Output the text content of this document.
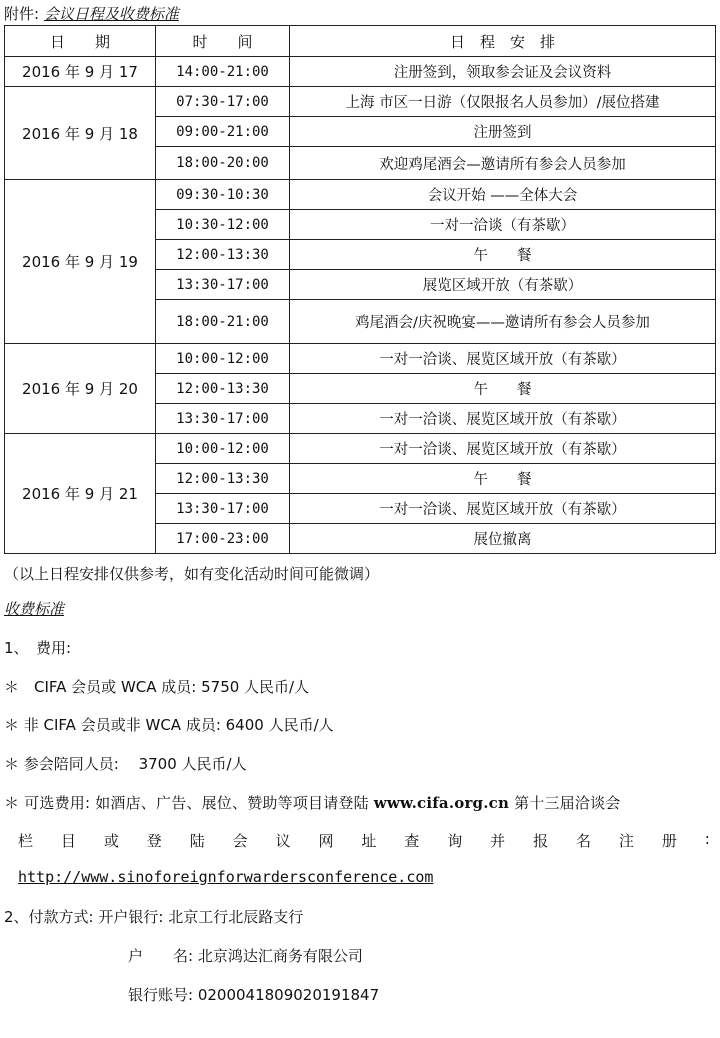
附件: 会议日程及收费标准
日　　期	时　　间	日　程　安　排
2016 年 9 月 17	14:00-21:00	注册签到，领取参会证及会议资料
2016 年 9 月 18	07:30-17:00	上海 市区一日游（仅限报名人员参加）/展位搭建
	09:00-21:00	注册签到
	18:00-20:00	欢迎鸡尾酒会—邀请所有参会人员参加
2016 年 9 月 19	09:30-10:30	会议开始 ——全体大会
	10:30-12:00	一对一洽谈（有茶歇）
	12:00-13:30	午　　餐
	13:30-17:00	展览区域开放（有茶歇）
	18:00-21:00	鸡尾酒会/庆祝晚宴——邀请所有参会人员参加
2016 年 9 月 20	10:00-12:00	一对一洽谈、展览区域开放（有茶歇）
	12:00-13:30	午　　餐
	13:30-17:00	一对一洽谈、展览区域开放（有茶歇）
2016 年 9 月 21	10:00-12:00	一对一洽谈、展览区域开放（有茶歇）
	12:00-13:30	午　　餐
	13:30-17:00	一对一洽谈、展览区域开放（有茶歇）
	17:00-23:00	展位撤离
（以上日程安排仅供参考，如有变化活动时间可能微调）
收费标准
1、　费用:
＊　CIFA 会员或 WCA 成员: 5750 人民币/人
＊ 非 CIFA 会员或非 WCA 成员: 6400 人民币/人
＊ 参会陪同人员:　 3700 人民币/人
＊ 可选费用: 如酒店、广告、展位、赞助等项目请登陆 www.cifa.org.cn 第十三届洽谈会
栏 目 或 登 陆 会 议 网 址 查 询 并 报 名 注 册 :
http://www.sinoforeignforwardersconference.com
2、付款方式: 开户银行: 北京工行北辰路支行
户　　名: 北京鸿达汇商务有限公司
银行账号: 0200041809020191847
